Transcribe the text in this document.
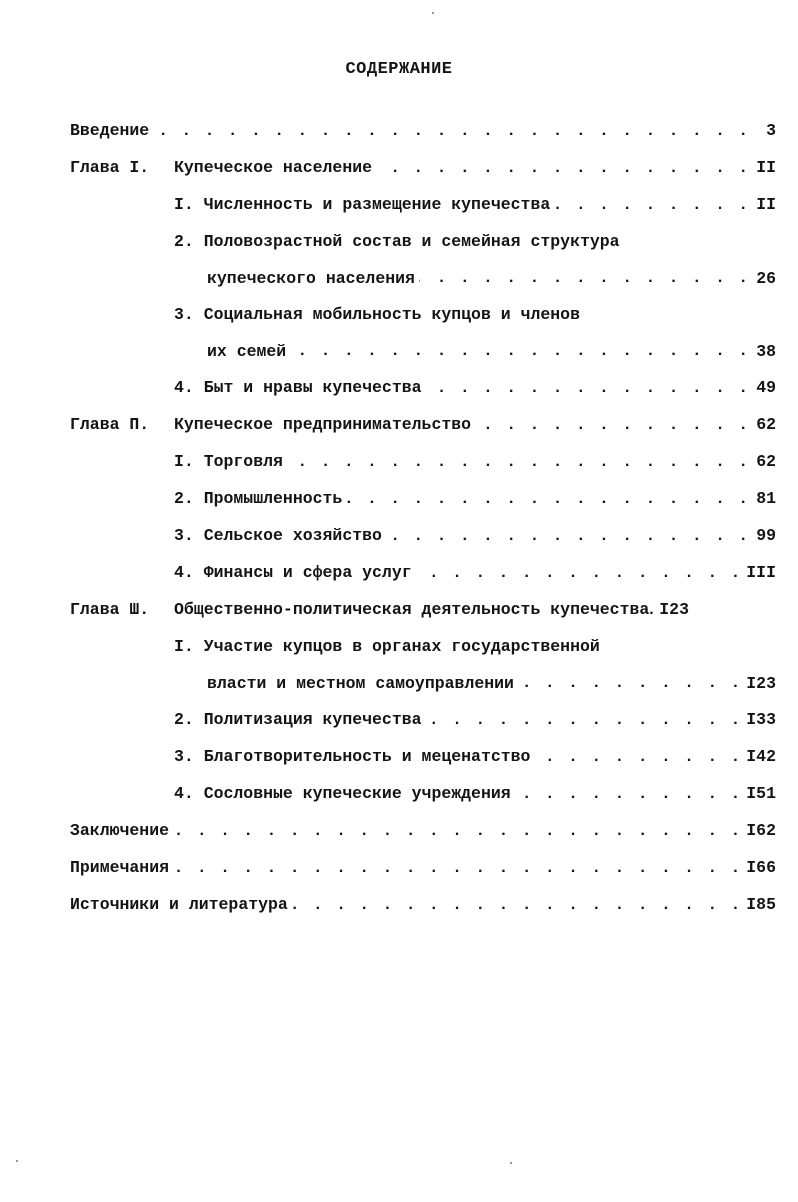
СОДЕРЖАНИЕ
Введение . . .	3
Глава I.	Купеческое население . . .	II
I. Численность и размещение купечества . . .	II
2. Половозрастной состав и семейная структура
купеческого населения . . .	26
3. Социальная мобильность купцов и членов
их семей . . .	38
4. Быт и нравы купечества . . .	49
Глава П.	Купеческое предпринимательство . . .	62
I. Торговля . . .	62
2. Промышленность . . .	81
3. Сельское хозяйство . . .	99
4. Финансы и сфера услуг . . .	III
Глава Ш.	Общественно-политическая деятельность купечества . . . I23
I. Участие купцов в органах государственной
власти и местном самоуправлении . . .	I23
2. Политизация купечества . . .	I33
3. Благотворительность и меценатство . . .	I42
4. Сословные купеческие учреждения . . .	I51
Заключение . . .	I62
Примечания . . .	I66
Источники и литература . . .	I85
